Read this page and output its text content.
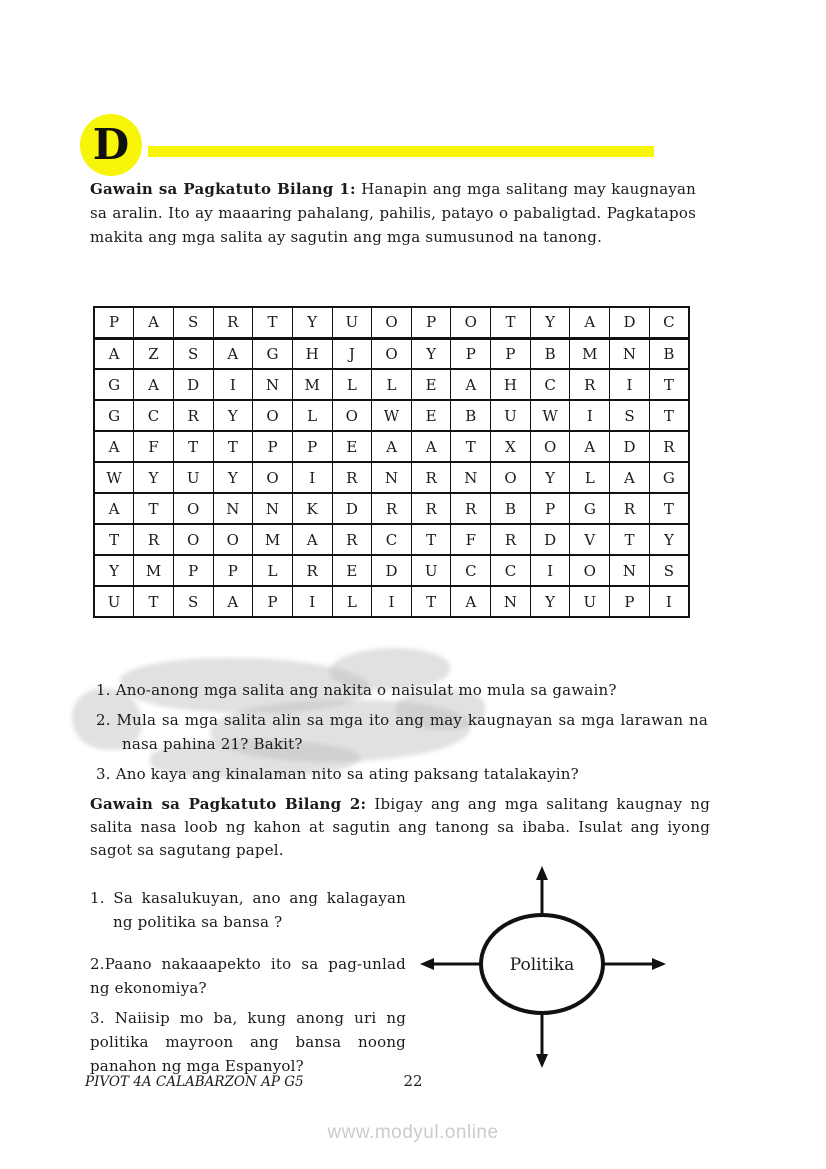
D

Gawain sa Pagkatuto Bilang 1: Hanapin ang mga salitang may kaugnayan sa aralin. Ito ay maaaring pahalang, pahilis, patayo o pabaligtad. Pagkatapos makita ang mga salita ay sagutin ang mga sumusunod na tanong.

P	A	S	R	T	Y	U	O	P	O	T	Y	A	D	C
A	Z	S	A	G	H	J	O	Y	P	P	B	M	N	B
G	A	D	I	N	M	L	L	E	A	H	C	R	I	T
G	C	R	Y	O	L	O	W	E	B	U	W	I	S	T
A	F	T	T	P	P	E	A	A	T	X	O	A	D	R
W	Y	U	Y	O	I	R	N	R	N	O	Y	L	A	G
A	T	O	N	N	K	D	R	R	R	B	P	G	R	T
T	R	O	O	M	A	R	C	T	F	R	D	V	T	Y
Y	M	P	P	L	R	E	D	U	C	C	I	O	N	S
U	T	S	A	P	I	L	I	T	A	N	Y	U	P	I
1. Ano-anong mga salita ang nakita o naisulat mo mula sa gawain?
2. Mula sa mga salita alin sa mga ito ang may kaugnayan sa mga larawan na nasa pahina 21? Bakit?
3. Ano kaya ang kinalaman nito sa ating paksang tatalakayin?

Gawain sa Pagkatuto Bilang 2: Ibigay ang ang mga salitang kaugnay ng salita nasa loob ng kahon at sagutin ang tanong sa ibaba. Isulat ang iyong sagot sa sagutang papel.

1. Sa kasalukuyan, ano ang kalagayan ng politika sa bansa ?
2.Paano nakaaapekto ito sa pag-unlad ng ekonomiya?
3. Naiisip mo ba, kung anong uri ng politika mayroon ang bansa noong panahon ng mga Espanyol?
Politika
PIVOT 4A CALABARZON AP G5	22
www.modyul.online
